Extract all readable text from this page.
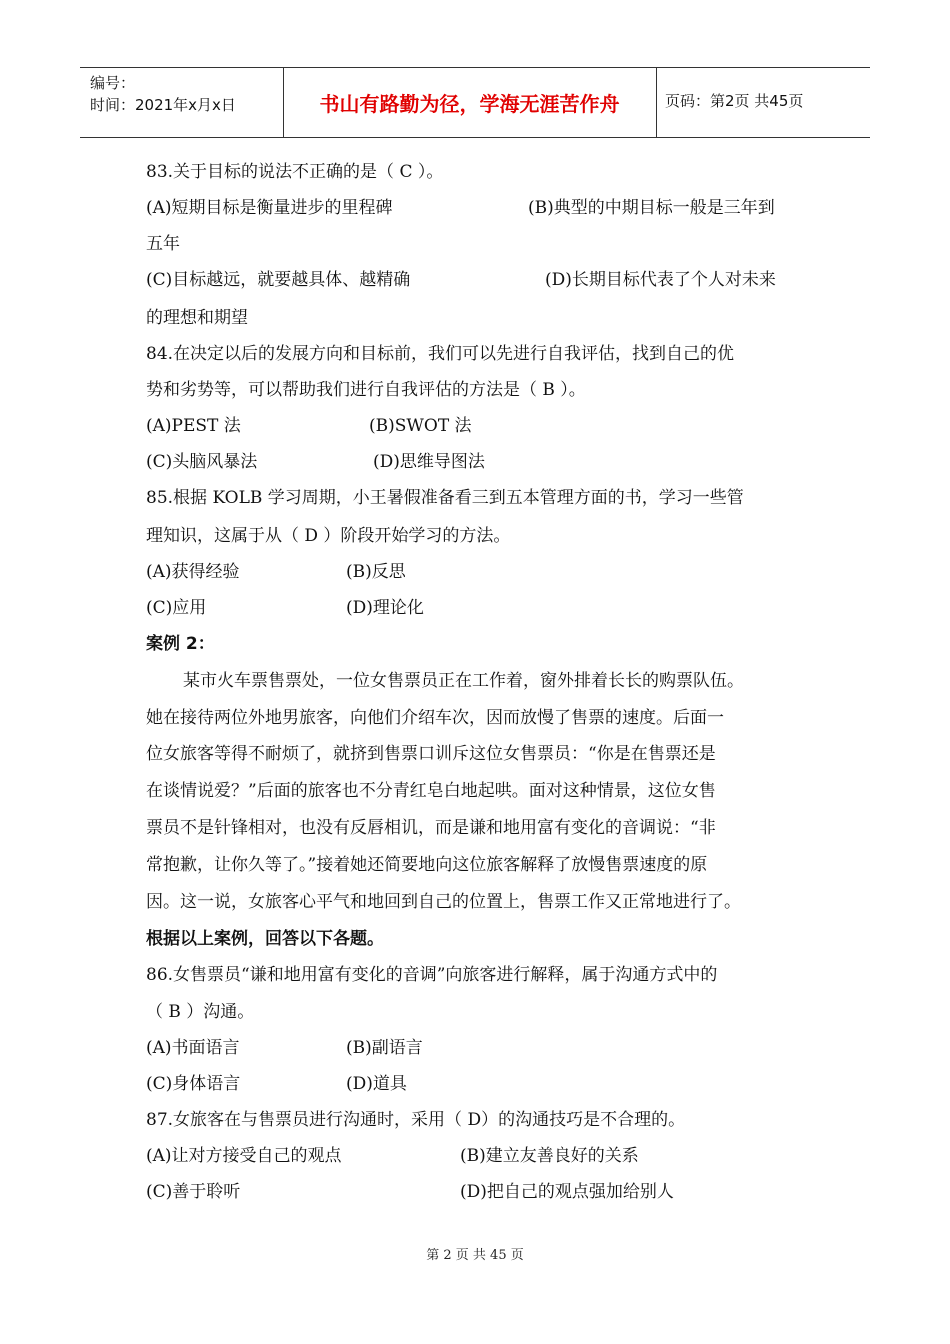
编号：
时间：2021年x月x日	书山有路勤为径，学海无涯苦作舟	页码：第2页 共45页
83.关于目标的说法不正确的是（ C ）。
(A)短期目标是衡量进步的里程碑	(B)典型的中期目标一般是三年到
五年
(C)目标越远，就要越具体、越精确	(D)长期目标代表了个人对未来
的理想和期望
84.在决定以后的发展方向和目标前，我们可以先进行自我评估，找到自己的优
势和劣势等，可以帮助我们进行自我评估的方法是（ B ）。
(A)PEST 法	(B)SWOT 法
(C)头脑风暴法	(D)思维导图法
85.根据 KOLB 学习周期，小王暑假准备看三到五本管理方面的书，学习一些管
理知识，这属于从（ D ）阶段开始学习的方法。
(A)获得经验	(B)反思
(C)应用	(D)理论化
案例 2：
某市火车票售票处，一位女售票员正在工作着，窗外排着长长的购票队伍。
她在接待两位外地男旅客，向他们介绍车次，因而放慢了售票的速度。后面一
位女旅客等得不耐烦了，就挤到售票口训斥这位女售票员：“你是在售票还是
在谈情说爱？”后面的旅客也不分青红皂白地起哄。面对这种情景，这位女售
票员不是针锋相对，也没有反唇相讥，而是谦和地用富有变化的音调说：“非
常抱歉，让你久等了。”接着她还简要地向这位旅客解释了放慢售票速度的原
因。这一说，女旅客心平气和地回到自己的位置上，售票工作又正常地进行了。
根据以上案例，回答以下各题。
86.女售票员“谦和地用富有变化的音调”向旅客进行解释，属于沟通方式中的
（ B ）沟通。
(A)书面语言	(B)副语言
(C)身体语言	(D)道具
87.女旅客在与售票员进行沟通时，采用（ D）的沟通技巧是不合理的。
(A)让对方接受自己的观点	(B)建立友善良好的关系
(C)善于聆听	(D)把自己的观点强加给别人
第 2 页 共 45 页
